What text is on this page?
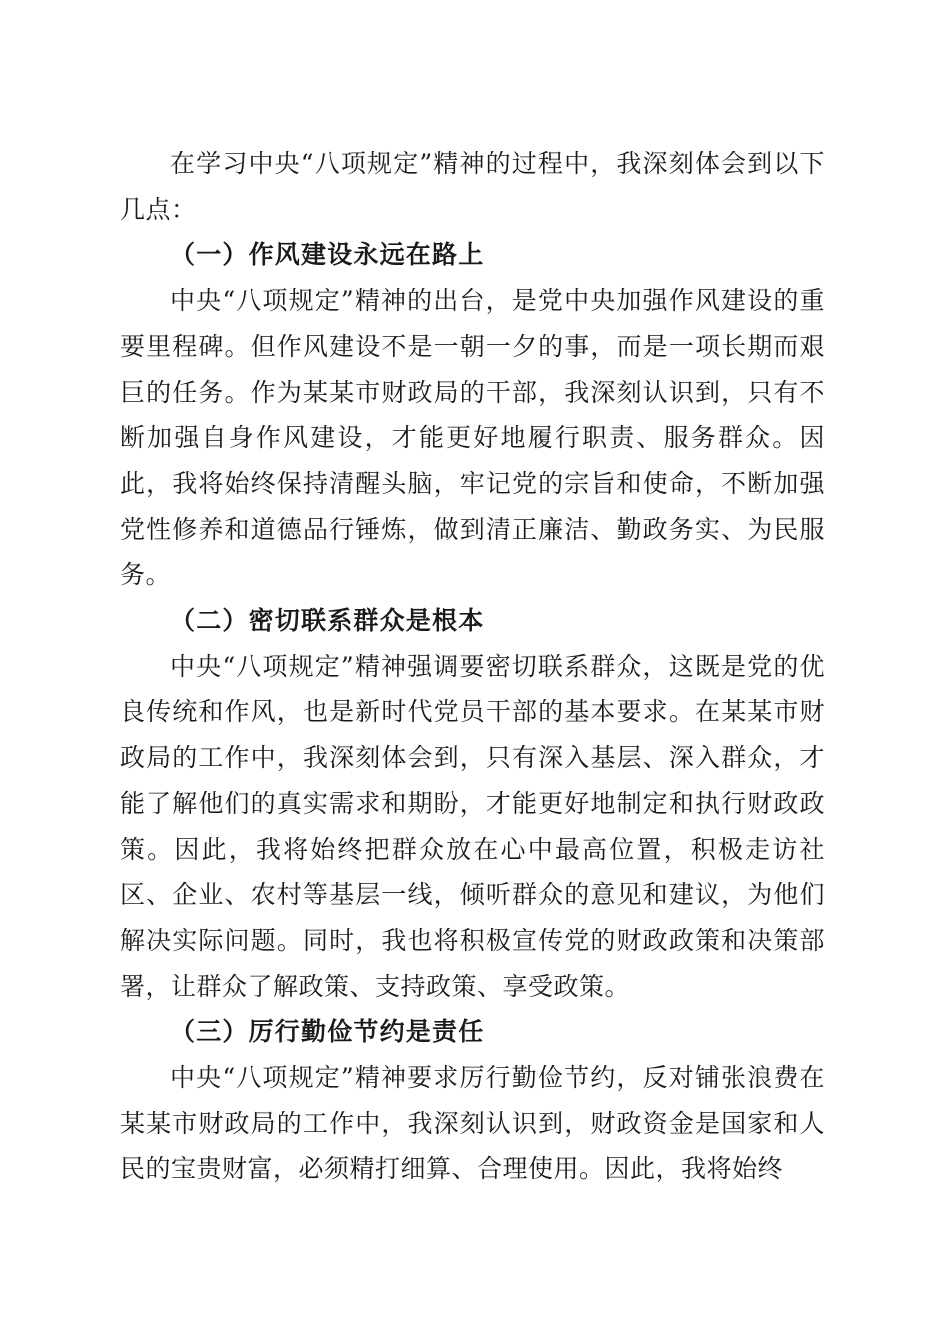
在学习中央“八项规定”精神的过程中，我深刻体会到以下几点：

（一）作风建设永远在路上

中央“八项规定”精神的出台，是党中央加强作风建设的重要里程碑。但作风建设不是一朝一夕的事，而是一项长期而艰巨的任务。作为某某市财政局的干部，我深刻认识到，只有不断加强自身作风建设，才能更好地履行职责、服务群众。因此，我将始终保持清醒头脑，牢记党的宗旨和使命，不断加强党性修养和道德品行锤炼，做到清正廉洁、勤政务实、为民服务。

（二）密切联系群众是根本

中央“八项规定”精神强调要密切联系群众，这既是党的优良传统和作风，也是新时代党员干部的基本要求。在某某市财政局的工作中，我深刻体会到，只有深入基层、深入群众，才能了解他们的真实需求和期盼，才能更好地制定和执行财政政策。因此，我将始终把群众放在心中最高位置，积极走访社区、企业、农村等基层一线，倾听群众的意见和建议，为他们解决实际问题。同时，我也将积极宣传党的财政政策和决策部署，让群众了解政策、支持政策、享受政策。

（三）厉行勤俭节约是责任

中央“八项规定”精神要求厉行勤俭节约，反对铺张浪费在某某市财政局的工作中，我深刻认识到，财政资金是国家和人民的宝贵财富，必须精打细算、合理使用。因此，我将始终
